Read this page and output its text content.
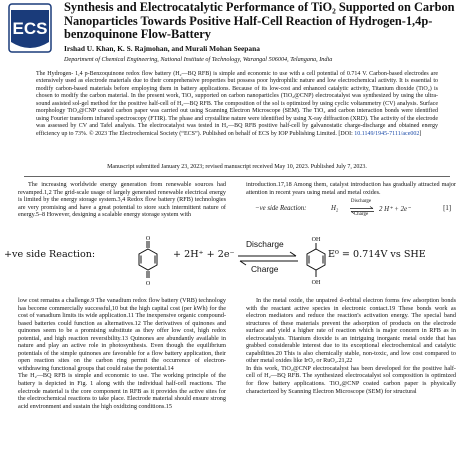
ECS
Synthesis and Electrocatalytic Performance of TiO₂ Supported on Carbon Nanoparticles Towards Positive Half-Cell Reaction of Hydrogen-1,4p-benzoquinone Flow-Battery
Irshad U. Khan, K. S. Rajmohan, and Murali Mohan Seepana
Department of Chemical Engineering, National Institute of Technology, Warangal 506004, Telangana, India

The Hydrogen- 1,4 p-Benzoquinone redox flow battery (H₂—BQ RFB) is simple and economic to use with a cell potential of 0.714 V. Carbon-based electrodes are extensively used as electrode materials due to their comprehensive properties but possess poor hydrophilic nature and low electrochemical activity. It is essential to modify carbon-based materials before employing them in battery applications. Because of its low-cost and enhanced catalytic activity, Titanium dioxide (TiO₂) is chosen to modify the carbon material. In the present work, TiO₂ supported on carbon nanoparticles (TiO₂@CNP) electrocatalyst was synthesized by using the ultra-sound assisted sol-gel method for the positive half-cell of H₂—BQ RFB. The composition of the sol is optimized by using cyclic voltammetry (CV) analysis. Surface morphology TiO₂@CNP coated carbon paper was carried out using Scanning Electron Microscope (SEM). The TiO₂ and carbon interaction bonds were identified using Fourier transform infrared spectroscopy (FTIR). The phase and crystalline nature were identified by using X-ray diffraction (XRD). The activity of the electrode was assessed by CV and Tafel analysis. The electrocatalyst was tested in H₂—BQ RFB positive half-cell by galvanostatic charge-discharge and obtained energy efficiency up to 73%. © 2023 The Electrochemical Society (“ECS”). Published on behalf of ECS by IOP Publishing Limited. [DOI: 10.1149/1945-7111/ace002]

Manuscript submitted January 23, 2023; revised manuscript received May 10, 2023. Published July 7, 2023.
The increasing worldwide energy generation from renewable sources had revamped.1,2 The grid-scale usage of largely generated renewable electrical energy is limited by the energy storage system.3,4 Redox flow battery (RFB) technologies are very promising and have a great potential to store such intermittent nature of energy.5–8 However, designing a scalable energy storage system with
introduction.17,18 Among them, catalyst introduction has gradually attracted major attention in recent years using metal and metal oxides.
−ve side Reaction:	H₂
Discharge
Charge
2 H⁺ + 2e⁻	[1]
+ve side Reaction:
O
O
OH
OH
+ 2H⁺ + 2e⁻
Discharge
Charge
E⁰ = 0.714V vs SHE
low cost remains a challenge.9 The vanadium redox flow battery (VRB) technology has become commercially successful,10 but the high capital cost (per kWh) for the cost of vanadium limits its wide application.11 The inexpensive organic compound-based batteries could function as alternatives.12 The derivatives of quinones and quinones seem to be a promising substitute as they offer low cost, high redox potential, and high reaction reversibility.13 Quinones are abundantly available in nature and play an active role in photosynthesis. Even though the equilibrium potentials of the simple quinones are favorable for a flow battery application, their open reaction sites on the carbon ring permit the occurrence of electron-withdrawing functional groups that could raise the potential.14
The H₂—BQ RFB is simple and economic to use. The working principle of the battery is depicted in Fig. 1 along with the individual half-cell reactions. The electrode material is the core component in RFB as it provides the active sites for the electrochemical reactions to take place. Electrode material should ensure strong acid environment and sustain the high oxidizing conditions.15
In the metal oxide, the unpaired d-orbital electron forms few adsorption bonds with the reactant active species in electronic contact.19 These bonds work as electron mediators and reduce the reaction's activation energy. The special band structures of these materials prevent the adsorption of products on the electrode surface and yield a higher rate of reaction which is major concern in RFB as in electrocatalysts. Titanium dioxide is an intriguing inorganic metal oxide that has grabbed considerable interest due to its exceptional electrochemical and catalytic capabilities.20 This is also chemically stable, non-toxic, and low cost compared to other metal oxides like IrO₂ or RuO₂.21,22
In this work, TiO₂@CNP electrocatalyst has been developed for the positive half-cell of H₂—BQ RFB. The synthesized electrocatalyst sol composition is optimized for flow battery applications. TiO₂@CNP coated carbon paper is physically characterized by Scanning Electron Microscope (SEM) for structural
